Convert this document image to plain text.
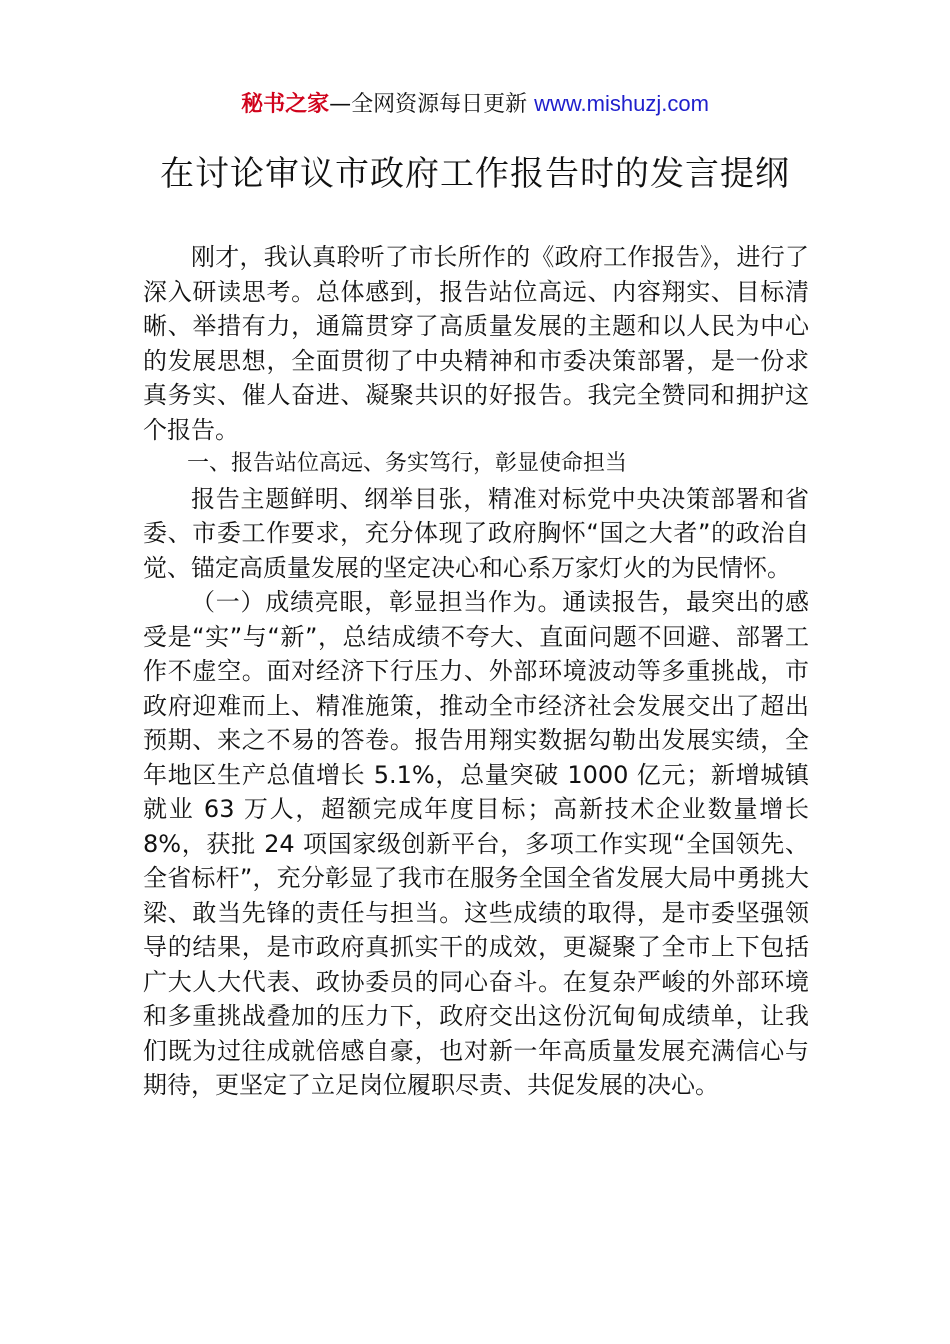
秘书之家—全网资源每日更新 www.mishuzj.com
在讨论审议市政府工作报告时的发言提纲

刚才，我认真聆听了市长所作的《政府工作报告》，进行了深入研读思考。总体感到，报告站位高远、内容翔实、目标清晰、举措有力，通篇贯穿了高质量发展的主题和以人民为中心的发展思想，全面贯彻了中央精神和市委决策部署，是一份求真务实、催人奋进、凝聚共识的好报告。我完全赞同和拥护这个报告。

一、报告站位高远、务实笃行，彰显使命担当

报告主题鲜明、纲举目张，精准对标党中央决策部署和省委、市委工作要求，充分体现了政府胸怀“国之大者”的政治自觉、锚定高质量发展的坚定决心和心系万家灯火的为民情怀。

（一）成绩亮眼，彰显担当作为。通读报告，最突出的感受是“实”与“新”，总结成绩不夸大、直面问题不回避、部署工作不虚空。面对经济下行压力、外部环境波动等多重挑战，市政府迎难而上、精准施策，推动全市经济社会发展交出了超出预期、来之不易的答卷。报告用翔实数据勾勒出发展实绩，全年地区生产总值增长 5.1%，总量突破 1000 亿元；新增城镇就业 63 万人，超额完成年度目标；高新技术企业数量增长 8%，获批 24 项国家级创新平台，多项工作实现“全国领先、全省标杆”，充分彰显了我市在服务全国全省发展大局中勇挑大梁、敢当先锋的责任与担当。这些成绩的取得，是市委坚强领导的结果，是市政府真抓实干的成效，更凝聚了全市上下包括广大人大代表、政协委员的同心奋斗。在复杂严峻的外部环境和多重挑战叠加的压力下，政府交出这份沉甸甸成绩单，让我们既为过往成就倍感自豪，也对新一年高质量发展充满信心与期待，更坚定了立足岗位履职尽责、共促发展的决心。
